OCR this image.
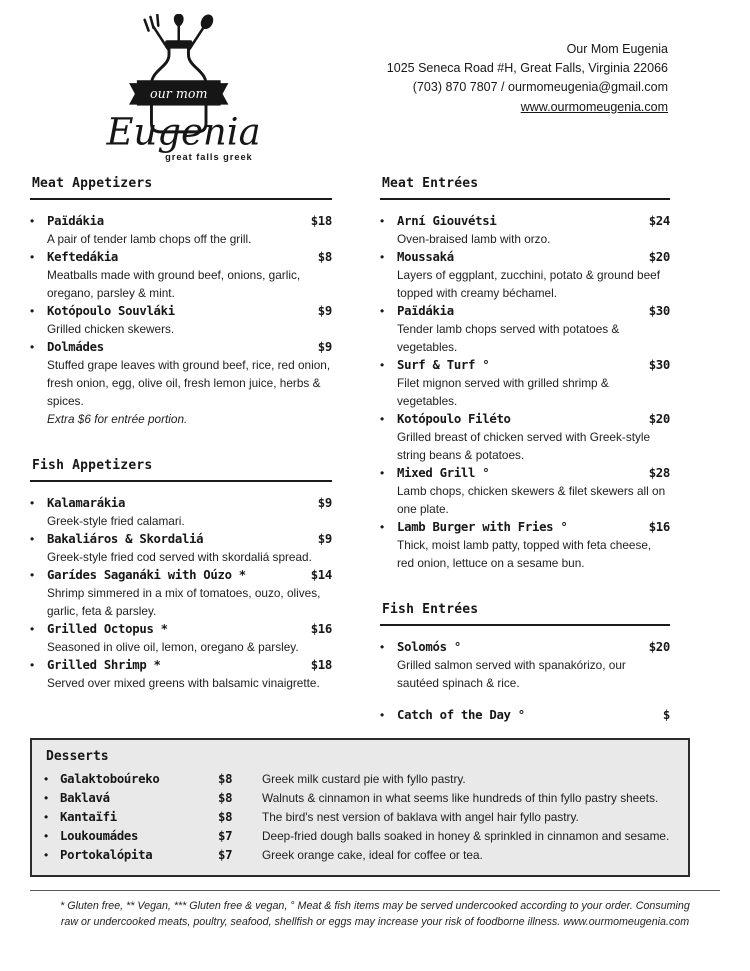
our mom
Eugenia
great falls greek
Our Mom Eugenia
1025 Seneca Road #H, Great Falls, Virginia 22066
(703) 870 7807 / ourmomeugenia@gmail.com
www.ourmomeugenia.com
Meat Appetizers
• Païdákia	$18
A pair of tender lamb chops off the grill.
• Keftedákia	$8
Meatballs made with ground beef, onions, garlic, oregano, parsley & mint.
• Kotópoulo Souvláki	$9
Grilled chicken skewers.
• Dolmádes	$9
Stuffed grape leaves with ground beef, rice, red onion, fresh onion, egg, olive oil, fresh lemon juice, herbs & spices.
Extra $6 for entrée portion.
Fish Appetizers
• Kalamarákia	$9
Greek-style fried calamari.
• Bakaliáros & Skordaliá	$9
Greek-style fried cod served with skordaliá spread.
• Garídes Saganáki with Oúzo *	$14
Shrimp simmered in a mix of tomatoes, ouzo, olives, garlic, feta & parsley.
• Grilled Octopus *	$16
Seasoned in olive oil, lemon, oregano & parsley.
• Grilled Shrimp *	$18
Served over mixed greens with balsamic vinaigrette.
Meat Entrées
• Arní Giouvétsi	$24
Oven-braised lamb with orzo.
• Moussaká	$20
Layers of eggplant, zucchini, potato & ground beef topped with creamy béchamel.
• Païdákia	$30
Tender lamb chops served with potatoes & vegetables.
• Surf & Turf °	$30
Filet mignon served with grilled shrimp & vegetables.
• Kotópoulo Filéto	$20
Grilled breast of chicken served with Greek-style string beans & potatoes.
• Mixed Grill °	$28
Lamb chops, chicken skewers & filet skewers all on one plate.
• Lamb Burger with Fries °	$16
Thick, moist lamb patty, topped with feta cheese, red onion, lettuce on a sesame bun.
Fish Entrées
• Solomós °	$20
Grilled salmon served with spanakórizo, our sautéed spinach & rice.
• Catch of the Day °	$
Desserts
• Galaktoboúreko	$8	Greek milk custard pie with fyllo pastry.
• Baklavá	$8	Walnuts & cinnamon in what seems like hundreds of thin fyllo pastry sheets.
• Kantaïfi	$8	The bird's nest version of baklava with angel hair fyllo pastry.
• Loukoumádes	$7	Deep-fried dough balls soaked in honey & sprinkled in cinnamon and sesame.
• Portokalópita	$7	Greek orange cake, ideal for coffee or tea.

* Gluten free, ** Vegan, *** Gluten free & vegan, ° Meat & fish items may be served undercooked according to your order. Consuming

raw or undercooked meats, poultry, seafood, shellfish or eggs may increase your risk of foodborne illness. www.ourmomeugenia.com
